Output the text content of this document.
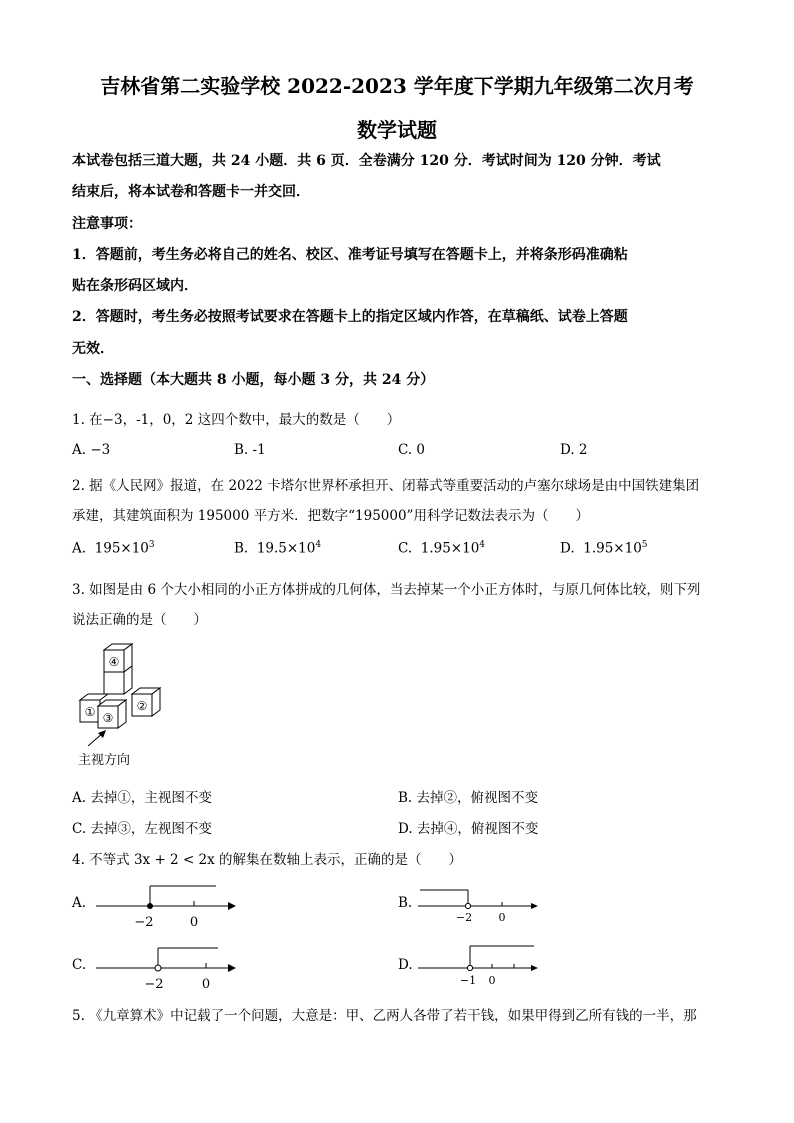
吉林省第二实验学校 2022-2023 学年度下学期九年级第二次月考
数学试题
本试卷包括三道大题，共 24 小题．共 6 页．全卷满分 120 分．考试时间为 120 分钟．考试
结束后，将本试卷和答题卡一并交回．
注意事项：
1．答题前，考生务必将自己的姓名、校区、准考证号填写在答题卡上，并将条形码准确粘
贴在条形码区域内．
2．答题时，考生务必按照考试要求在答题卡上的指定区域内作答，在草稿纸、试卷上答题
无效．
一、选择题（本大题共 8 小题，每小题 3 分，共 24 分）
1. 在−3，-1，0，2 这四个数中，最大的数是（　　）
A. −3	B. -1	C. 0	D. 2
2. 据《人民网》报道，在 2022 卡塔尔世界杯承担开、闭幕式等重要活动的卢塞尔球场是由中国铁建集团
承建，其建筑面积为 195000 平方米．把数字“195000”用科学记数法表示为（　　）
A. $195\times 10^3$	B. $19.5\times 10^4$	C. $1.95\times 10^4$	D. $1.95\times 10^5$
3. 如图是由 6 个大小相同的小正方体拼成的几何体，当去掉某一个小正方体时，与原几何体比较，则下列
说法正确的是（　　）
④
①	②
③
主视方向
A. 去掉①，主视图不变	B. 去掉②，俯视图不变
C. 去掉③，左视图不变	D. 去掉④，俯视图不变
4. 不等式 3x + 2 < 2x 的解集在数轴上表示，正确的是（　　）
A.
−2	0
B.
−2 0
C.
−2	0
D.
−1 0
5. 《九章算术》中记载了一个问题，大意是：甲、乙两人各带了若干钱，如果甲得到乙所有钱的一半，那
